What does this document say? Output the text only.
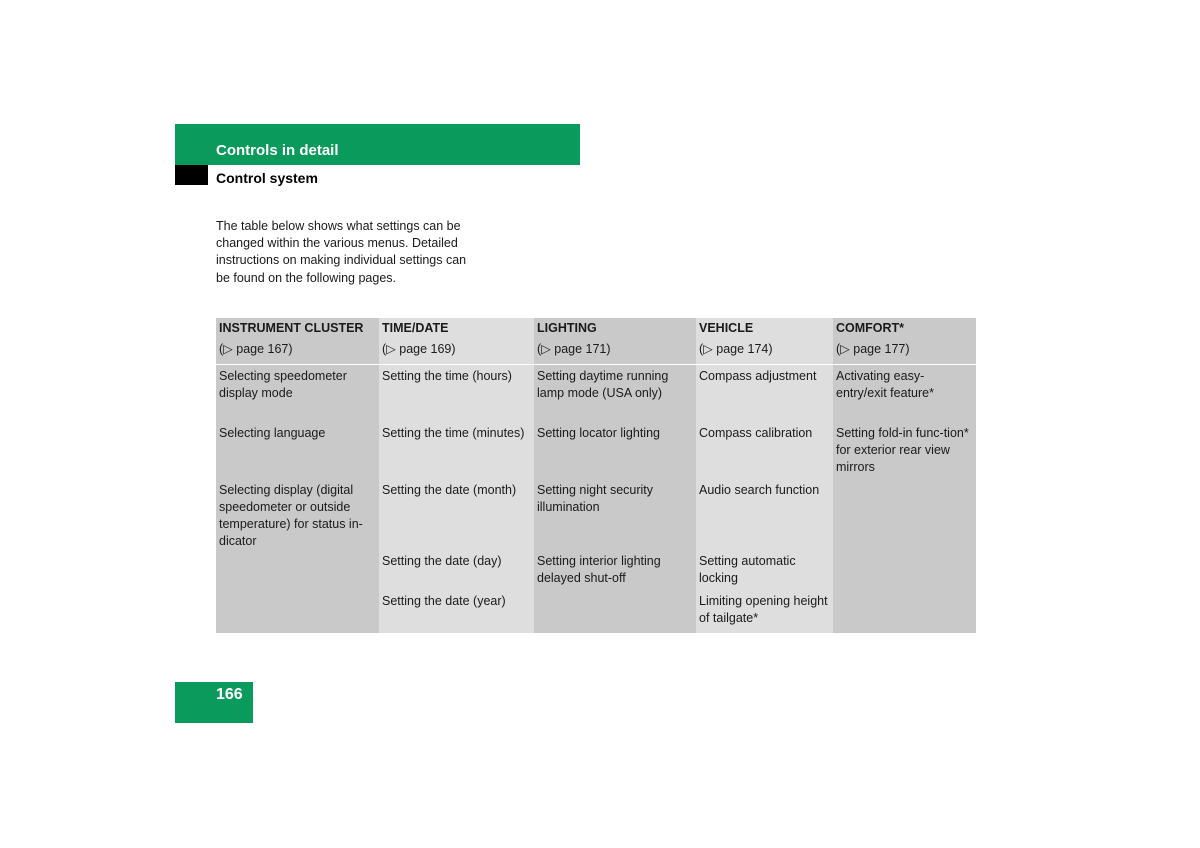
Controls in detail
Control system
The table below shows what settings can be changed within the various menus. Detailed instructions on making individual settings can be found on the following pages.
INSTRUMENT CLUSTER	TIME/DATE	LIGHTING	VEHICLE	COMFORT*
(▷ page 167)	(▷ page 169)	(▷ page 171)	(▷ page 174)	(▷ page 177)
Selecting speedometer display mode	Setting the time (hours)	Setting daytime running lamp mode (USA only)	Compass adjustment	Activating easy-entry/exit feature*
Selecting language	Setting the time (minutes)	Setting locator lighting	Compass calibration	Setting fold-in func-tion* for exterior rear view mirrors
Selecting display (digital speedometer or outside temperature) for status in-dicator	Setting the date (month)	Setting night security illumination	Audio search function	
	Setting the date (day)	Setting interior lighting delayed shut-off	Setting automatic locking	
	Setting the date (year)		Limiting opening height of tailgate*	
166
